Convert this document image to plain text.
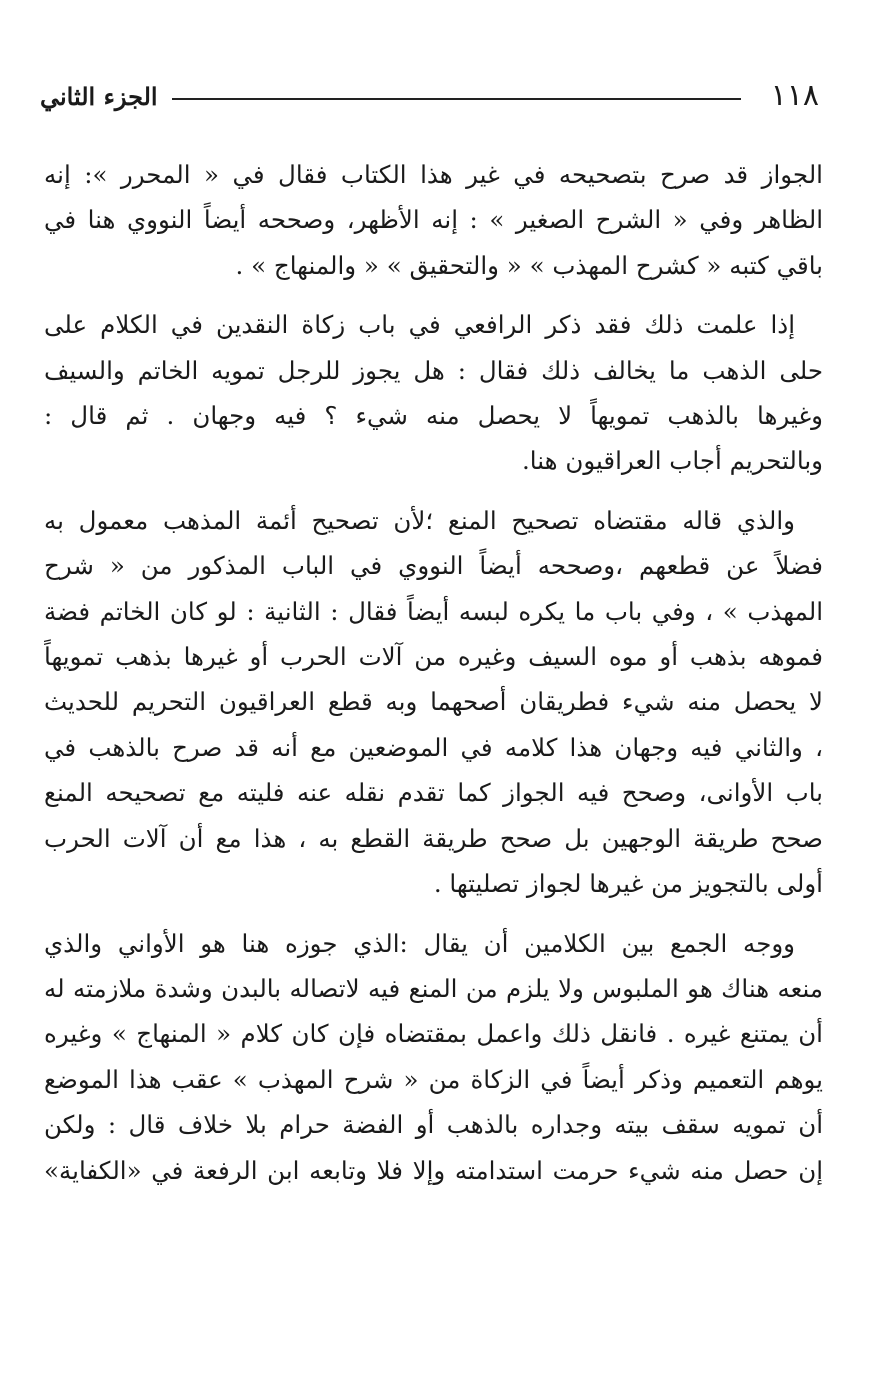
١١٨
الجزء الثاني
الجواز قد صرح بتصحيحه في غير هذا الكتاب فقال في « المحرر »: إنه
الظاهر وفي « الشرح الصغير » : إنه الأظهر، وصححه أيضاً النووي هنا في
باقي كتبه « كشرح المهذب » « والتحقيق » « والمنهاج » .
إذا علمت ذلك فقد ذكر الرافعي في باب زكاة النقدين في الكلام على
حلى الذهب ما يخالف ذلك فقال : هل يجوز للرجل تمويه الخاتم والسيف
وغيرها بالذهب تمويهاً لا يحصل منه شيء ؟ فيه وجهان . ثم قال :
وبالتحريم أجاب العراقيون هنا.
والذي قاله مقتضاه تصحيح المنع ؛لأن تصحيح أئمة المذهب معمول به
فضلاً عن قطعهم ،وصححه أيضاً النووي في الباب المذكور من « شرح
المهذب » ، وفي باب ما يكره لبسه أيضاً فقال : الثانية : لو كان الخاتم فضة
فموهه بذهب أو موه السيف وغيره من آلات الحرب أو غيرها بذهب تمويهاً
لا يحصل منه شيء فطريقان أصحهما وبه قطع العراقيون التحريم للحديث
، والثاني فيه وجهان هذا كلامه في الموضعين مع أنه قد صرح بالذهب في
باب الأوانى، وصحح فيه الجواز كما تقدم نقله عنه فليته مع تصحيحه المنع
صحح طريقة الوجهين بل صحح طريقة القطع به ، هذا مع أن آلات الحرب
أولى بالتجويز من غيرها لجواز تصليتها .
ووجه الجمع بين الكلامين أن يقال :الذي جوزه هنا هو الأواني والذي
منعه هناك هو الملبوس ولا يلزم من المنع فيه لاتصاله بالبدن وشدة ملازمته له
أن يمتنع غيره . فانقل ذلك واعمل بمقتضاه فإن كان كلام « المنهاج » وغيره
يوهم التعميم وذكر أيضاً في الزكاة من « شرح المهذب » عقب هذا الموضع
أن تمويه سقف بيته وجداره بالذهب أو الفضة حرام بلا خلاف قال : ولكن
إن حصل منه شيء حرمت استدامته وإلا فلا وتابعه ابن الرفعة في «الكفاية»
